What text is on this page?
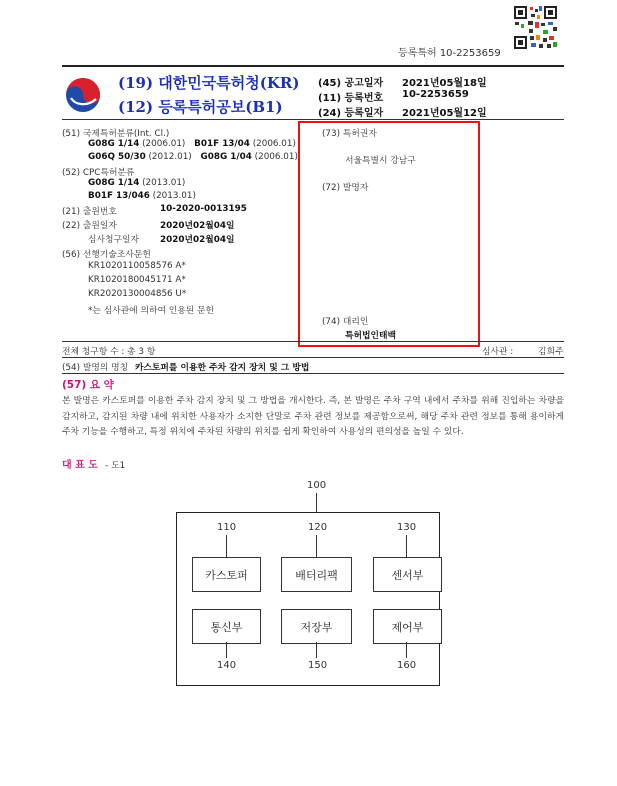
등록특허 10-2253659
(19) 대한민국특허청(KR)
(12) 등록특허공보(B1)
(45) 공고일자 2021년05월18일
(11) 등록번호 10-2253659
(24) 등록일자 2021년05월12일
(51) 국제특허분류(Int. Cl.)
G08G 1/14 (2006.01) B01F 13/04 (2006.01)
G06Q 50/30 (2012.01) G08G 1/04 (2006.01)
(52) CPC특허분류
G08G 1/14 (2013.01)
B01F 13/046 (2013.01)
(21) 출원번호	10-2020-0013195
(22) 출원일자	2020년02월04일
심사청구일자 2020년02월04일
(56) 선행기술조사문헌
KR1020110058576 A*
KR1020180045171 A*
KR2020130004856 U*
*는 심사관에 의하여 인용된 문헌
(73) 특허권자
서울특별시 강남구
(72) 발명자
(74) 대리인
특허법인태백
전체 청구항 수 : 총 3 항	심사관 :	김희주
(54) 발명의 명칭 카스토퍼를 이용한 주차 감지 장치 및 그 방법
(57) 요 약
본 발명은 카스토퍼를 이용한 주차 감지 장치 및 그 방법을 개시한다. 즉, 본 발명은 주차 구역 내에서 주차를 위해 진입하는 차량을 감지하고, 감지된 차량 내에 위치한 사용자가 소지한 단말로 주차 관련 정보를 제공함으로써, 해당 주차 관련 정보를 통해 용이하게 주차 기능을 수행하고, 특정 위치에 주차된 차량의 위치를 쉽게 확인하여 사용성의 편의성을 높일 수 있다.
대 표 도 - 도1
100
110	120	130
카스토퍼	배터리팩	센서부
통신부	저장부	제어부
140	150	160
